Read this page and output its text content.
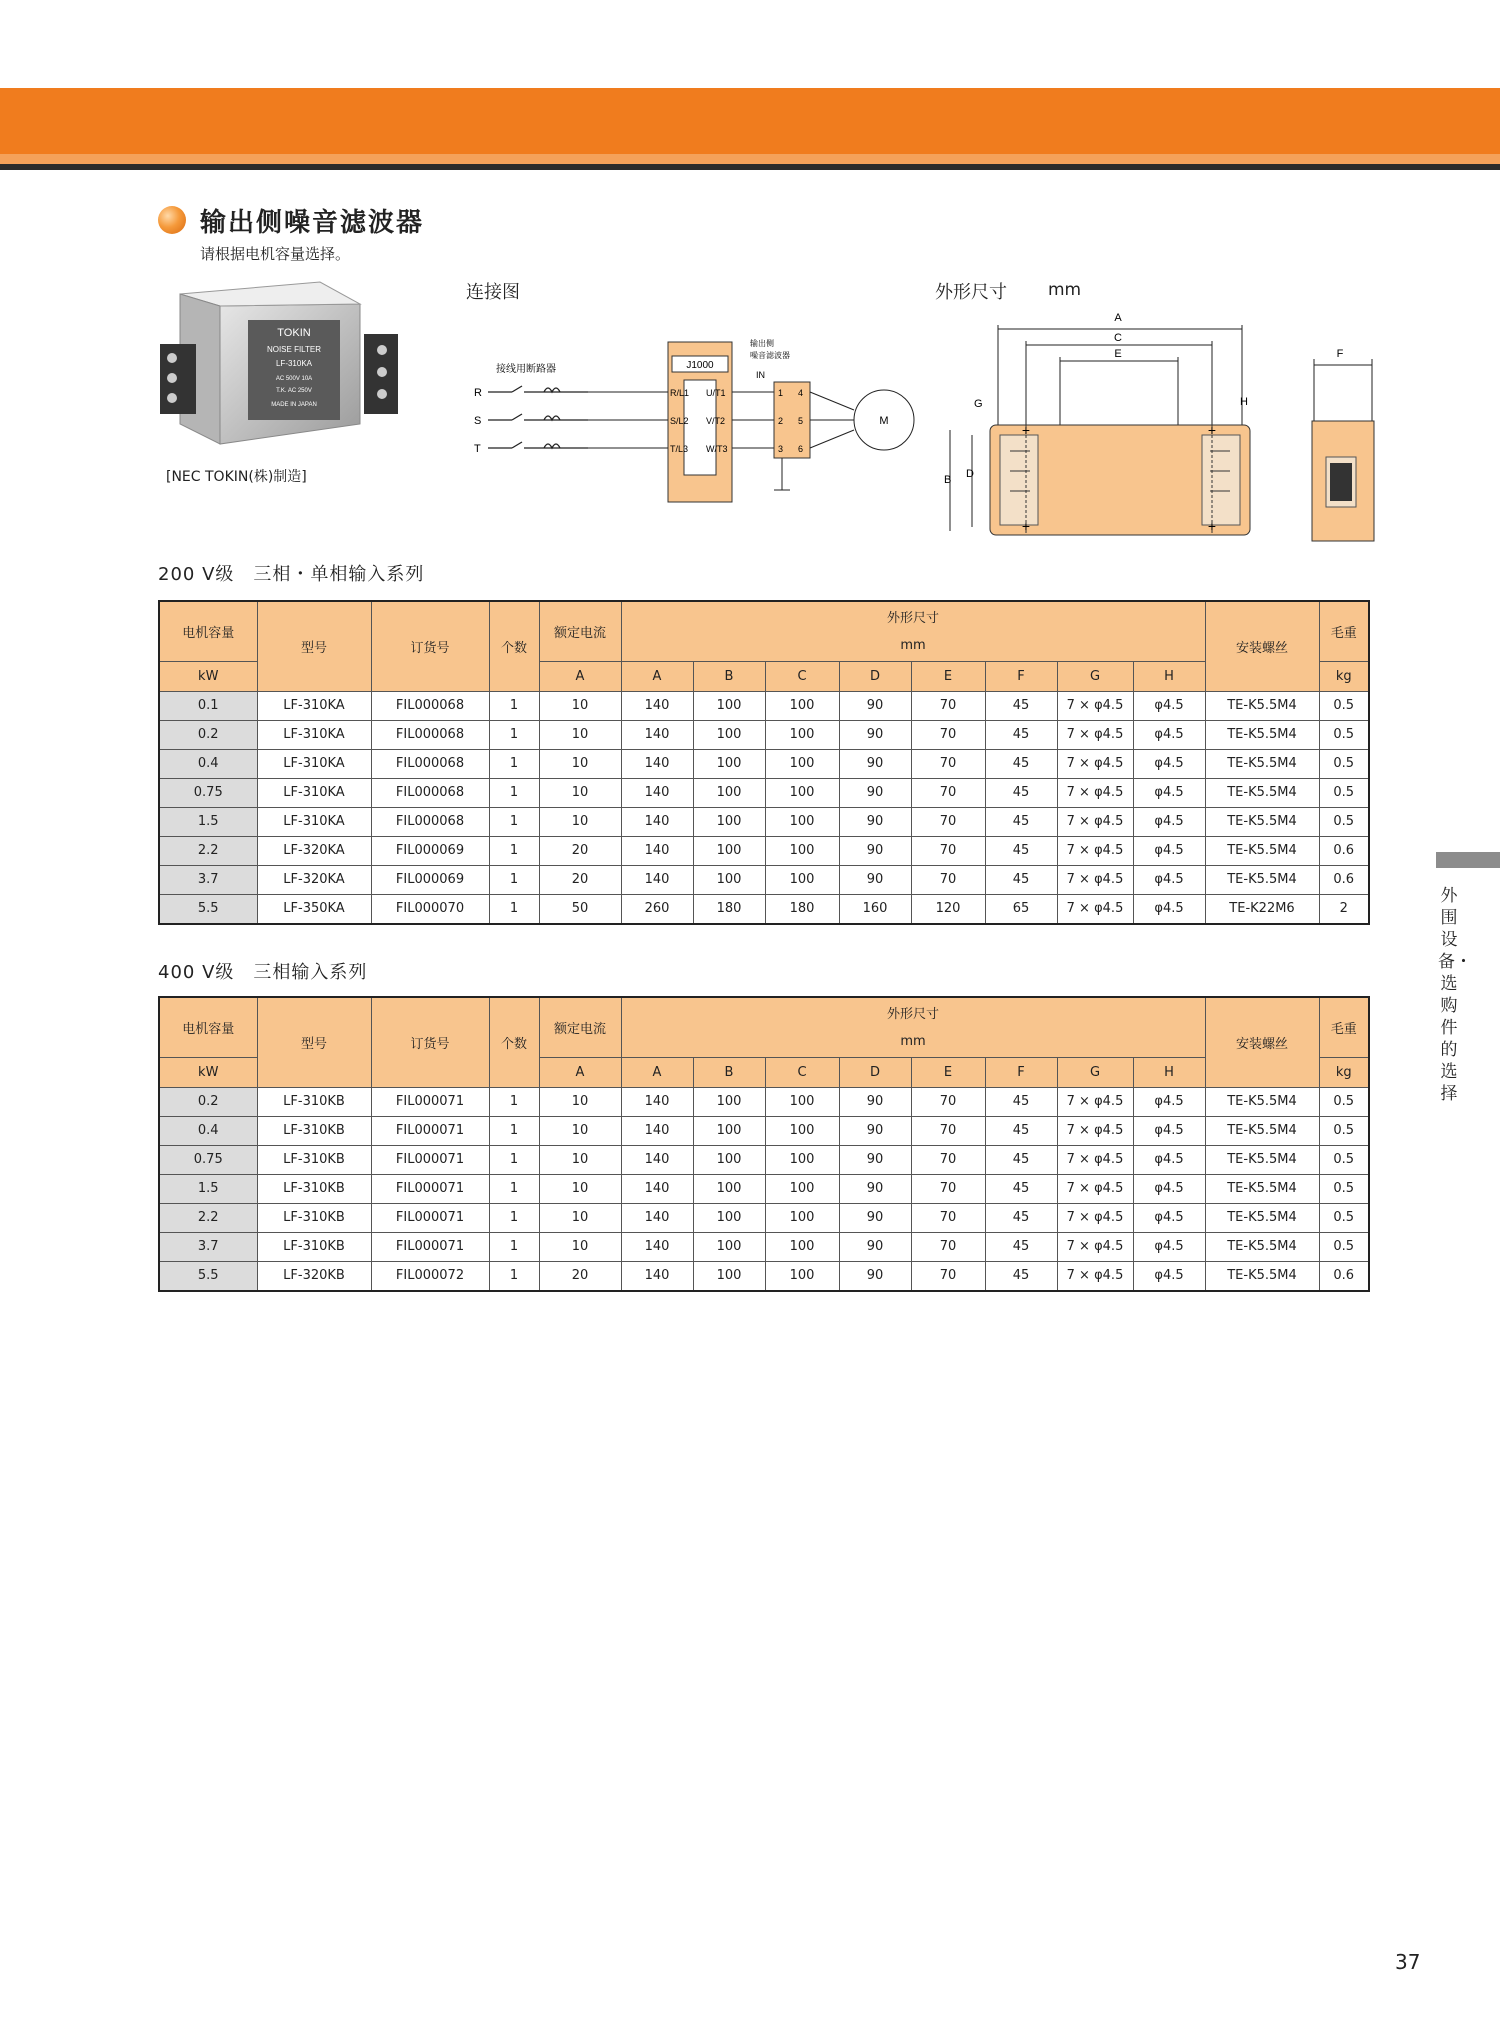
输出侧噪音滤波器
请根据电机容量选择。
TOKIN
NOISE FILTER
LF-310KA
AC 500V 10A
T.K. AC 250V
MADE IN JAPAN
[NEC TOKIN(株)制造]
连接图	外形尺寸 mm
接线用断路器
R
S
T
J1000
R/L1
S/L2
T/L3
U/T1
V/T2
W/T3
输出侧
噪音滤波器
IN
1
2
3
4
5
6
M
A
C
E
G	H
B D
+	+
+	+
F
200 V级　三相・单相输入系列
电机容量	型号	订货号	个数	额定电流	外形尺寸								安装螺丝	毛重
					mm									
kW				A	A	B	C	D	E	F	G	H		kg
0.1	LF-310KA	FIL000068	1	10	140	100	100	90	70	45	7 × φ4.5	φ4.5	TE-K5.5M4	0.5
0.2	LF-310KA	FIL000068	1	10	140	100	100	90	70	45	7 × φ4.5	φ4.5	TE-K5.5M4	0.5
0.4	LF-310KA	FIL000068	1	10	140	100	100	90	70	45	7 × φ4.5	φ4.5	TE-K5.5M4	0.5
0.75	LF-310KA	FIL000068	1	10	140	100	100	90	70	45	7 × φ4.5	φ4.5	TE-K5.5M4	0.5
1.5	LF-310KA	FIL000068	1	10	140	100	100	90	70	45	7 × φ4.5	φ4.5	TE-K5.5M4	0.5
2.2	LF-320KA	FIL000069	1	20	140	100	100	90	70	45	7 × φ4.5	φ4.5	TE-K5.5M4	0.6
3.7	LF-320KA	FIL000069	1	20	140	100	100	90	70	45	7 × φ4.5	φ4.5	TE-K5.5M4	0.6
5.5	LF-350KA	FIL000070	1	50	260	180	180	160	120	65	7 × φ4.5	φ4.5	TE-K22M6	2
400 V级　三相输入系列
电机容量	型号	订货号	个数	额定电流	外形尺寸								安装螺丝	毛重
					mm									
kW				A	A	B	C	D	E	F	G	H		kg
0.2	LF-310KB	FIL000071	1	10	140	100	100	90	70	45	7 × φ4.5	φ4.5	TE-K5.5M4	0.5
0.4	LF-310KB	FIL000071	1	10	140	100	100	90	70	45	7 × φ4.5	φ4.5	TE-K5.5M4	0.5
0.75	LF-310KB	FIL000071	1	10	140	100	100	90	70	45	7 × φ4.5	φ4.5	TE-K5.5M4	0.5
1.5	LF-310KB	FIL000071	1	10	140	100	100	90	70	45	7 × φ4.5	φ4.5	TE-K5.5M4	0.5
2.2	LF-310KB	FIL000071	1	10	140	100	100	90	70	45	7 × φ4.5	φ4.5	TE-K5.5M4	0.5
3.7	LF-310KB	FIL000071	1	10	140	100	100	90	70	45	7 × φ4.5	φ4.5	TE-K5.5M4	0.5
5.5	LF-320KB	FIL000072	1	20	140	100	100	90	70	45	7 × φ4.5	φ4.5	TE-K5.5M4	0.6
外围设备・选购件的选择
37
